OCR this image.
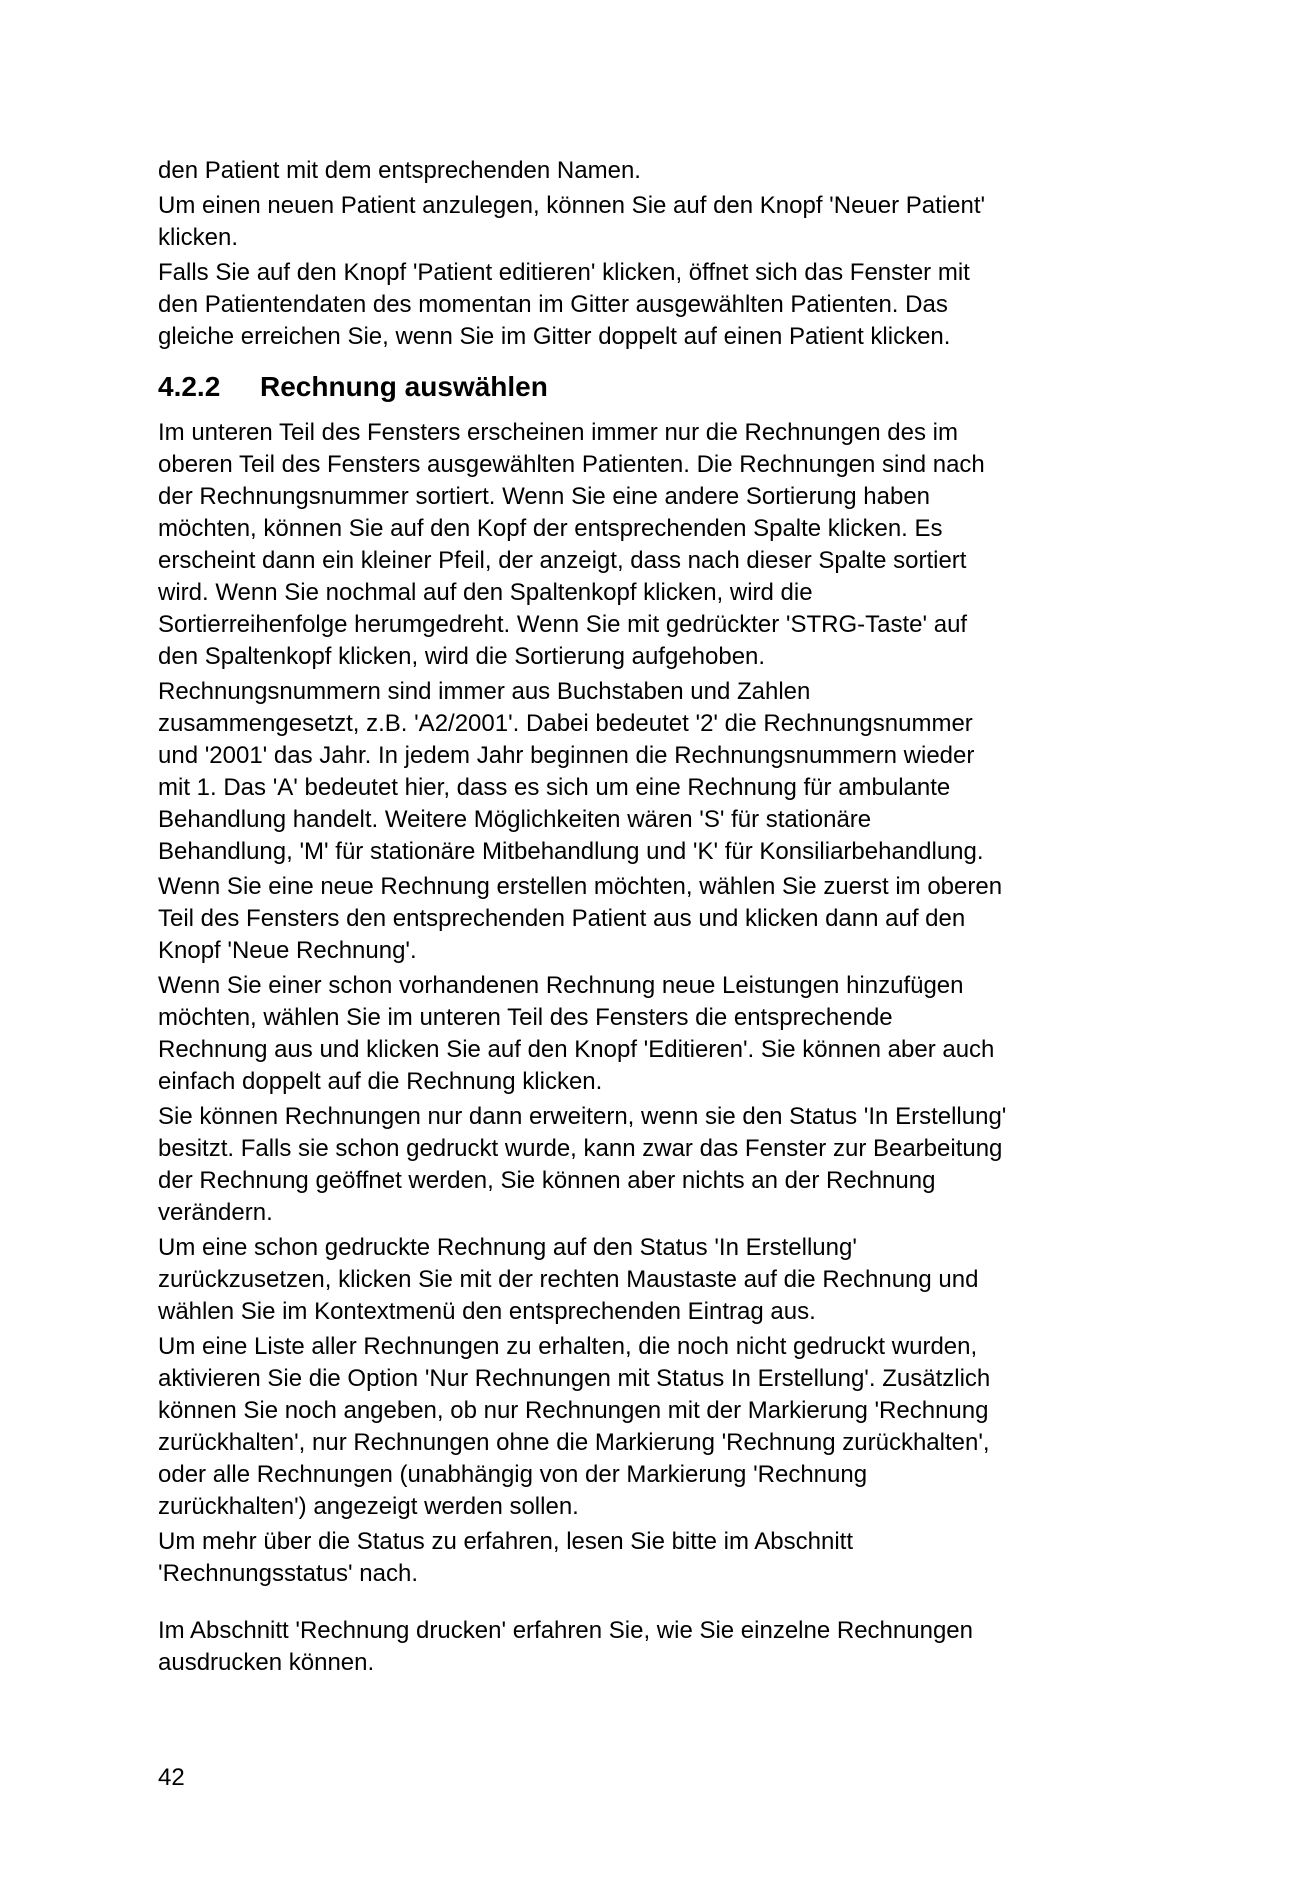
den Patient mit dem entsprechenden Namen.

Um einen neuen Patient anzulegen, können Sie auf den Knopf 'Neuer Patient'
klicken.

Falls Sie auf den Knopf 'Patient editieren' klicken, öffnet sich das Fenster mit
den Patientendaten des momentan im Gitter ausgewählten Patienten. Das
gleiche erreichen Sie, wenn Sie im Gitter doppelt auf einen Patient klicken.

4.2.2 Rechnung auswählen

Im unteren Teil des Fensters erscheinen immer nur die Rechnungen des im
oberen Teil des Fensters ausgewählten Patienten. Die Rechnungen sind nach
der Rechnungsnummer sortiert. Wenn Sie eine andere Sortierung haben
möchten, können Sie auf den Kopf der entsprechenden Spalte klicken. Es
erscheint dann ein kleiner Pfeil, der anzeigt, dass nach dieser Spalte sortiert
wird. Wenn Sie nochmal auf den Spaltenkopf klicken, wird die
Sortierreihenfolge herumgedreht. Wenn Sie mit gedrückter 'STRG-Taste' auf
den Spaltenkopf klicken, wird die Sortierung aufgehoben.

Rechnungsnummern sind immer aus Buchstaben und Zahlen
zusammengesetzt, z.B. 'A2/2001'. Dabei bedeutet '2' die Rechnungsnummer
und '2001' das Jahr. In jedem Jahr beginnen die Rechnungsnummern wieder
mit 1. Das 'A' bedeutet hier, dass es sich um eine Rechnung für ambulante
Behandlung handelt. Weitere Möglichkeiten wären 'S' für stationäre
Behandlung, 'M' für stationäre Mitbehandlung und 'K' für Konsiliarbehandlung.

Wenn Sie eine neue Rechnung erstellen möchten, wählen Sie zuerst im oberen
Teil des Fensters den entsprechenden Patient aus und klicken dann auf den
Knopf 'Neue Rechnung'.

Wenn Sie einer schon vorhandenen Rechnung neue Leistungen hinzufügen
möchten, wählen Sie im unteren Teil des Fensters die entsprechende
Rechnung aus und klicken Sie auf den Knopf 'Editieren'. Sie können aber auch
einfach doppelt auf die Rechnung klicken.

Sie können Rechnungen nur dann erweitern, wenn sie den Status 'In Erstellung'
besitzt. Falls sie schon gedruckt wurde, kann zwar das Fenster zur Bearbeitung
der Rechnung geöffnet werden, Sie können aber nichts an der Rechnung
verändern.

Um eine schon gedruckte Rechnung auf den Status 'In Erstellung'
zurückzusetzen, klicken Sie mit der rechten Maustaste auf die Rechnung und
wählen Sie im Kontextmenü den entsprechenden Eintrag aus.

Um eine Liste aller Rechnungen zu erhalten, die noch nicht gedruckt wurden,
aktivieren Sie die Option 'Nur Rechnungen mit Status In Erstellung'. Zusätzlich
können Sie noch angeben, ob nur Rechnungen mit der Markierung 'Rechnung
zurückhalten', nur Rechnungen ohne die Markierung 'Rechnung zurückhalten',
oder alle Rechnungen (unabhängig von der Markierung 'Rechnung
zurückhalten') angezeigt werden sollen.

Um mehr über die Status zu erfahren, lesen Sie bitte im Abschnitt
'Rechnungsstatus' nach.

Im Abschnitt 'Rechnung drucken' erfahren Sie, wie Sie einzelne Rechnungen
ausdrucken können.

42
